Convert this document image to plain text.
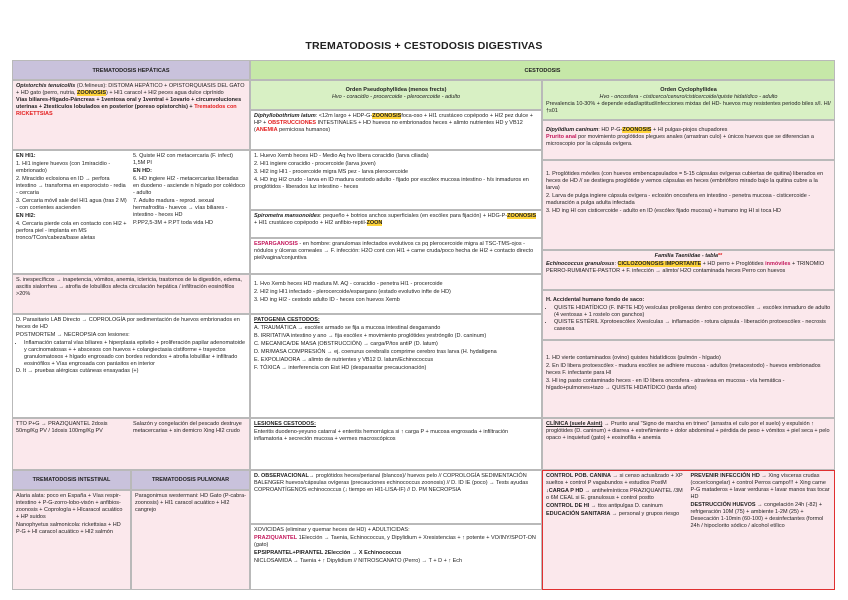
TREMATODOSIS + CESTODOSIS DIGESTIVAS
TREMATODOSIS HEPÁTICAS
Opistorchis tenuicollis (O.felineus): DISTOMA HEPÁTICO + OPISTORQUIASIS DEL GATO + HD gato (perro, nutria, ZOONOSIS) + HI1 caracol + HI2 peces agua dulce ciprínido
Vías biliares-Hígado-Páncreas + 1ventosa oral y 1ventral + 1ovario + circunvoluciones uterinas + 2testículos lobulados en posterior (poreso opistorchis) + Trematodos con RICKETTSIAS

EN HI1:

1. HI1 ingiere huevos (con 1miracidio - embrionado)

2. Miracidio eclosiona en ID → perfora intestino → transforma en esporocisto - redia - cercaria

3. Cercaria móvil sale del HI1 agua (tras 2 M) - con corrientes ascienden

EN HI2:

4. Cercaria pierde cola en contacto con HI2 + perfora piel - implanta en MS tronco/TCon/cabeza/base aletas

5. Quiste HI2 con metacercaria (F. infect) 1,5M PI

EN HD:

6. HD ingiere HI2 - metacercarias liberadas en duodeno - asciende n hígado por colédoco - adulto

7. Adulto madura - reprod. sexual hermafrodita - huevos → vías biliares - intestino - heces HD

P.PP2,5-3M + P.PT toda vida HD

S. inespecíficos → inapetencia, vómitos, anemia, ictericia, trastornos de la digestión, edema, ascitis sialorrhea → atrofia de lobulillos afecta circulación hepática / infiltración eosinófilos >20%

D. Parasitario LAB Directo → COPROLOGÍA por sedimentación de huevos embrionados en heces de HD

POSTMORTEM → NECROPSIA con lesiones:

• Inflamación catarral vías biliares + hiperplasia epitelio + proliferación papilar adenomatoide y carcinomatosas + + abscesos con huevos + colangiectasia cistiforme + trayectos granulomatosos + hígado engrosado con bordes redondos + atrofia lobulillar + infiltrado eosinófilos + Vías engrosada con parásitos en interior

D. It → pruebas alérgicas cutáneas ensayadas (+)

TTO P+G → PRAZIQUANTEL 2dosis 50mg/Kg PV / 1dosis 100mg/Kg PV
Salazón y congelación del pescado destruye metacercarias + sin demicro Xing HI2 crudo
TREMATODOSIS INTESTINAL	TREMATODOSIS PULMONAR

Alaria alata: poco en España + Vías respir-intestino + P-G-zorro-lobo-visón + anfibios-zoonosis + Coprología + HIcaracol acuático + HP suidos

Nanophyetus salmonicola: rickettsias + HD P-G + HI caracol acuático + HI2 salmón

Paragonimus westermani: HD Gato (P-cabra-zoonosis) + HI1 caracol acuático + HI2 cangrejo
CESTODOSIS
Orden Pseudophyllidea (menos frects)
Hvo - coracidio - procercoide - plerocercoide - adulto
Diphyllobothrium latum: <12m largo + HDP-G-ZOONOSISfoca-oso + HI1 crustáceo copépodo + HI2 pez dulce + HP + OBSTRUCCIONES INTESTINALES + HD huevos no embrionados heces + alimto nutrientes HD y VB12 (ANEMIA perniciosa humanos)

1. Huevo Xemb heces HD - Medio Aq hvo libera coracidio (larva ciliada)

2. HI1 ingiere coracidio - procercoide (larva joven)

3. HI2 ing HI1 - procercoide migra MS pez - larva plerocercoide

4. HD ing HI2 crudo - larva en ID madura cestodo adulto - fijado por escólex mucosa intestino - h/s inmaduros en proglótidos - liberados luz intestino - heces

Spirometra mansonoides: pequeño + botrios anchos superficiales (en escólex para fijación) + HDG-P-ZOONOSIS + HI1 crustáceo copépodo + HI2 anfibio-reptil-ZOON
ESPARGANOSIS - en hombre: granulomas infectados evolutivos cs pq plerocercoide migra al TSC-TMS-ojos - nódulos y úlceras corneales → F. infección: H2O cont con HI1 + carne cruda/poco hecha de HI2 + contacto directo piel/vagina/conjuntiva

1. Hvo Xemb heces HD madura M. AQ - coracidio - penetra HI1 - procercoide

2. HI2 ing HI1 infectado - plerocercoide/espargano (estado evolutivo infte de HD)

3. HD ing HI2 - cestodo adulto ID - heces con huevos Xemb

PATOGENIA CESTODOS:

A. TRAUMÁTICA → escólex armado se fija a mucosa intestinal desgarrando

B. IRRITATIVA intestino y ano → fija escólex + movimiento proglótides yestróngilo (D. caninum)

C. MECANICA/DE MASA (OBSTRUCCIÓN) → carga/P/tos antiP (D. latum)

D. MR/MASA COMPRESIÓN → ej. coenurus cerebralis comprime cerebro tras larva (H. hydatigena

E. EXPOLIADORA → alimto de nutrientes y VB12 D. latum/Echinococcus

F. TÓXICA → interferencia con Eist HD (desparasitar precaucionación)

LESIONES CESTODOS:

Enteritis duodeno-yeyuno catarral + enteritis hemorrágica si ↑ carga P + mucosa engrosada + infiltración inflamatoria + secreción mucosa + vermes macroscópicos

D. OBSERVACIONAL→ proglótidos heces/perianal (blancos)/ huevos pelo // COPROLOGÍA SEDIMENTACIÓN BALENGER huevos/cápsulas ovígeras (precauciones echinococcus zoonosis) // D. ID IE (poco) → Tests ayudas COPROANTÍGENOS echinococcus (↓ tiempo en HI1-LISA-IF) // D. PM NECROPSIA

XOVICIDAS (eliminar y quemar heces de HD) + ADULTICIDAS:

PRAZIQUANTEL 1Elección → Taenia, Echinococcus, y Dipylidium + Xresistencias + ↑ potente + VO/INY/SPOT-ON (gato)

EPSIPRANTEL+PIRANTEL 2Elección → X Echinococcus

NICLOSAMIDA → Taenia + ↑ Dipylidium // NITROSCANATO (Perro) → T + D + ↑ Ech

Orden Cyclophyllidea
Hvo - oncosfera - cisticerco/cenuro/cisticercoide/quiste hidatídico - adulto
Prevalencia 10-30% + depende edad/aptitud/infecciones mixtas del HD- huevos muy resistentes periodo biles s/I. HI/†s01
Dipylidium caninum: HD P-G-ZOONOSIS + HI pulgas-piojos chupadores
Prurito anal por movimiento proglótidos plegues anales (arrastran culo) + únicos huevos que se diferencian a microscopio por la cápsula ovígera.

1. Proglótides móviles (con huevos embencapsulados = 5-15 cápsulas ovígeras cubiertas de quitina) liberados en heces de HD // se destiegra proglótide y vemos cápsulas en heces (embrióforo mirado bajo la quitina cubre a la larva)

2. Larva de pulga ingiere cápsula ovígera - eclosión oncosfera en intestino - penetra mucosa - cisticercoide - maduración a pulga adulta infectada

3. HD ing HI con cisticercoide - adulto en ID (escólex fijado mucosa) + humano ing HI si toca HD

Familia Taeniidae - tabla**

Echinococcus granulosus: CICLOZOONOSIS IMPORTANTE + HD perro + Proglótides inmóviles + TRINOMIO PERRO-RUMIANTE-PASTOR + F. infección → alimto/ H2O contaminada heces Perro con huevos

H. Accidental humano fondo de saco:

• QUISTE HIDATÍDICO (F. INFTE HD) vesículas prolígeras dentro con protoescólex → escólex inmaduro de adulto (4 ventosas + 1 rostelo con ganchos)
• QUISTE ESTÉRIL Xprotoescólex Xvesículas → inflamación - rotura cápsula - liberación protoescólex - necrosis caseosa

1. HD vierte contaminados (ovino) quistes hidatídicos (pulmón - hígado)

2. En ID libera protoescólex - madura escólex se adhiere mucosa - adultos (metacestodo) - huevos embrionados heces F. infectante para HI

3. HI ing pasto contaminado heces - en ID libera oncosfera - atraviesa en mucosa - vía hemática - hígado+pulmones+tazo → QUISTE HIDATÍDICO (tarda años)

CLÍNICA (suele Asint) → Prurito anal "Signo de marcha en trineo" (arrastra el culo por el suelo) y expulsión ↑ proglótides (D. caninum) + diarrea + estreñimiento + dolor abdominal + pérdida de peso + vómitos + piel seca + pelo opaco + inquietud (gato) + eosinofilia + anemia

CONTROL POB. CANINA → si censo actualizado + XP sueltos + control P vagabundos + estudios PostM

↓CARGA P HD → antihelmínticos PRAZIQUANTEL /3M o 6M CEAL si E. granulosus + control postto

CONTROL DE HI → ttos antipulgas D. caninum

EDUCACIÓN SANITARIA → personal y grupos riesgo

PREVENIR INFECCIÓN HD → Xing vísceras crudas (cocer/congelar) + control Perros campo!!! + Xing carne P-G mataderos + lavar verduras + lavar manos tras tocar HD

DESTRUCCIÓN HUEVOS → congelación 24h (-82) + refrigeración 10M (75) + ambiente 1-2M (25) + Desecación 1-10min (60-100) + desinfectantes (formol 24h / hipoclorito sódico / alcohol etílico
